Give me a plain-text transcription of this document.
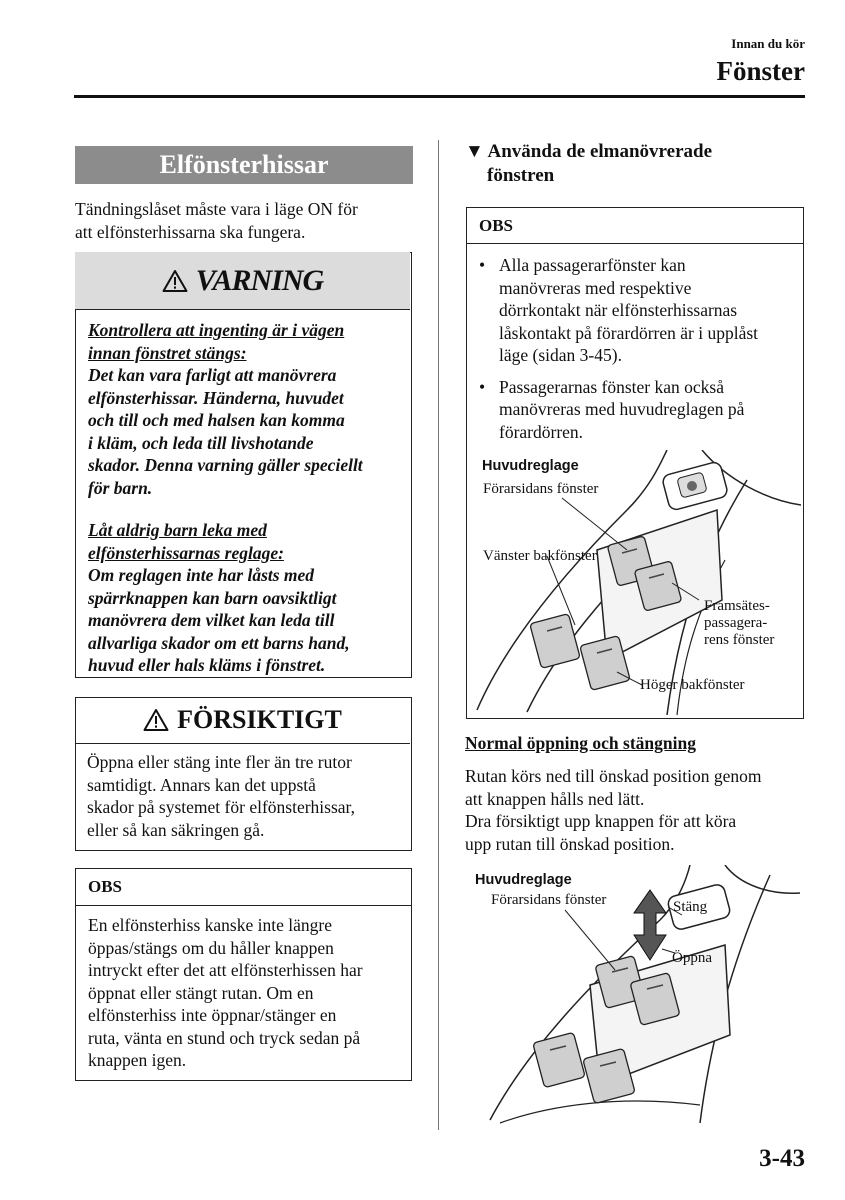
Innan du kör
Fönster
Elfönsterhissar
Tändningslåset måste vara i läge ON för
att elfönsterhissarna ska fungera.
VARNING
Kontrollera att ingenting är i vägen
innan fönstret stängs:
Det kan vara farligt att manövrera
elfönsterhissar. Händerna, huvudet
och till och med halsen kan komma
i kläm, och leda till livshotande
skador. Denna varning gäller speciellt
för barn.
Låt aldrig barn leka med
elfönsterhissarnas reglage:
Om reglagen inte har låsts med
spärrknappen kan barn oavsiktligt
manövrera dem vilket kan leda till
allvarliga skador om ett barns hand,
huvud eller hals kläms i fönstret.
FÖRSIKTIGT
Öppna eller stäng inte fler än tre rutor
samtidigt. Annars kan det uppstå
skador på systemet för elfönsterhissar,
eller så kan säkringen gå.
OBS
En elfönsterhiss kanske inte längre
öppas/stängs om du håller knappen
intryckt efter det att elfönsterhissen har
öppnat eller stängt rutan. Om en
elfönsterhiss inte öppnar/stänger en
ruta, vänta en stund och tryck sedan på
knappen igen.
▼ Använda de elmanövrerade
fönstren
OBS
• Alla passagerarfönster kan
manövreras med respektive
dörrkontakt när elfönsterhissarnas
låskontakt på förardörren är i upplåst
läge (sidan 3-45).
• Passagerarnas fönster kan också
manövreras med huvudreglagen på
förardörren.
Huvudreglage
Förarsidans fönster
Vänster bakfönster
Framsätes-
passagera-
rens fönster
Höger bakfönster
Normal öppning och stängning
Rutan körs ned till önskad position genom
att knappen hålls ned lätt.
Dra försiktigt upp knappen för att köra
upp rutan till önskad position.
Huvudreglage
Förarsidans fönster	Stäng
Öppna
3-43
